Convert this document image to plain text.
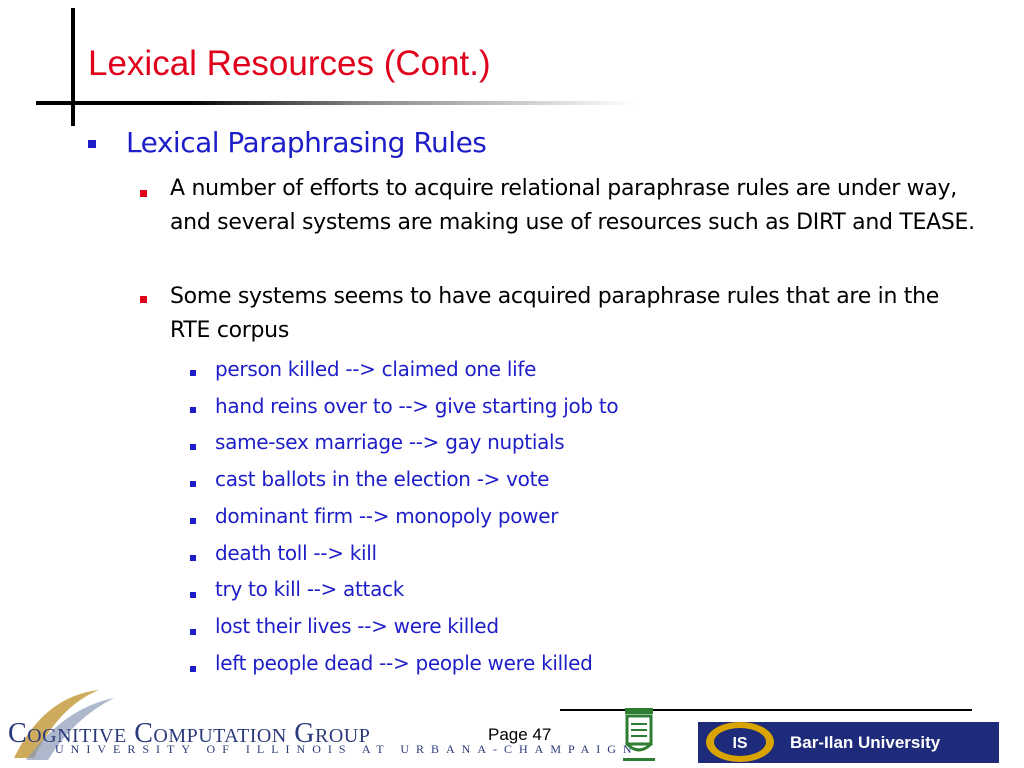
Lexical Resources (Cont.)
Lexical Paraphrasing Rules
A number of efforts to acquire relational paraphrase rules are under way, and several systems are making use of resources such as DIRT and TEASE.
Some systems seems to have acquired paraphrase rules that are in the RTE corpus
person killed --> claimed one life
hand reins over to --> give starting job to
same-sex marriage --> gay nuptials
cast ballots in the election -> vote
dominant firm --> monopoly power
death toll --> kill
try to kill --> attack
lost their lives --> were killed
left people dead --> people were killed
Cognitive Computation Group
UNIVERSITY OF ILLINOIS AT URBANA-CHAMPAIGN
Page 47	IS Bar-Ilan University
